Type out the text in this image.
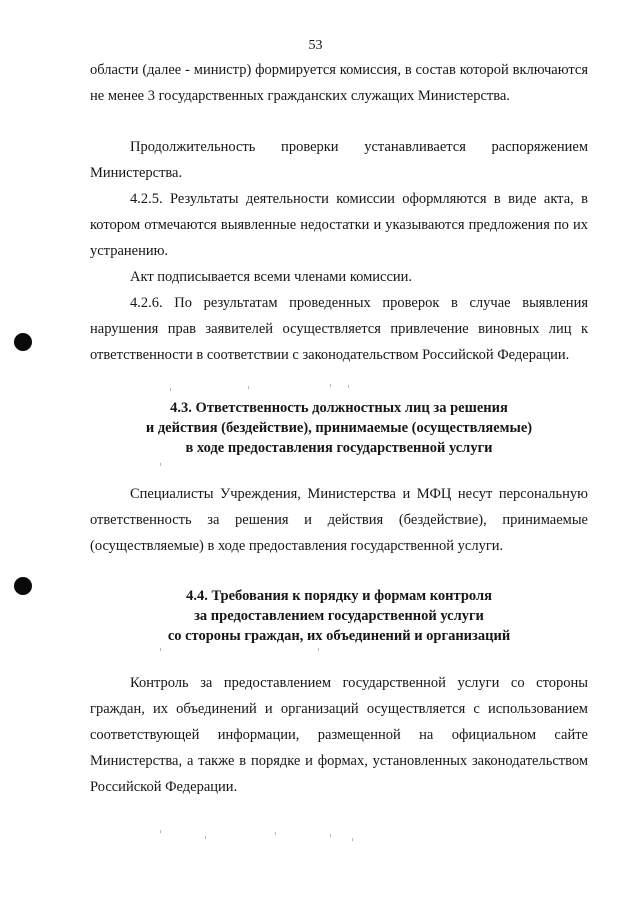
53

области (далее - министр) формируется комиссия, в состав которой включаются не менее 3 государственных гражданских служащих Министерства.

Продолжительность проверки устанавливается распоряжением Министерства.

4.2.5. Результаты деятельности комиссии оформляются в виде акта, в котором отмечаются выявленные недостатки и указываются предложения по их устранению.

Акт подписывается всеми членами комиссии.

4.2.6. По результатам проведенных проверок в случае выявления нарушения прав заявителей осуществляется привлечение виновных лиц к ответственности в соответствии с законодательством Российской Федерации.

4.3. Ответственность должностных лиц за решения
и действия (бездействие), принимаемые (осуществляемые)
в ходе предоставления государственной услуги

Специалисты Учреждения, Министерства и МФЦ несут персональную ответственность за решения и действия (бездействие), принимаемые (осуществляемые) в ходе предоставления государственной услуги.

4.4. Требования к порядку и формам контроля
за предоставлением государственной услуги
со стороны граждан, их объединений и организаций

Контроль за предоставлением государственной услуги со стороны граждан, их объединений и организаций осуществляется с использованием соответствующей информации, размещенной на официальном сайте Министерства, а также в порядке и формах, установленных законодательством Российской Федерации.
